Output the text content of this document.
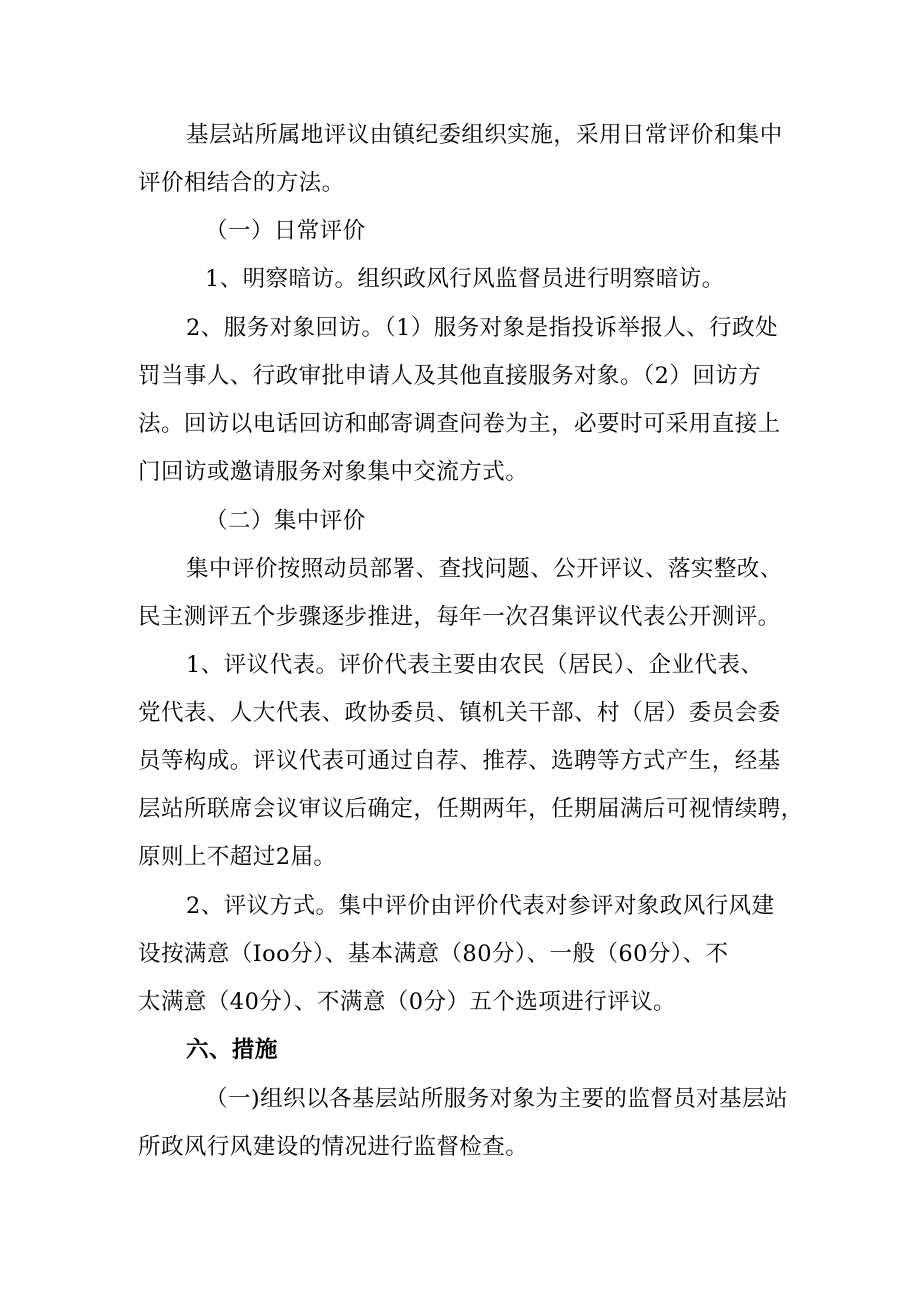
基层站所属地评议由镇纪委组织实施，采用日常评价和集中
评价相结合的方法。
（一）日常评价
1、明察暗访。组织政风行风监督员进行明察暗访。
2、服务对象回访。（1）服务对象是指投诉举报人、行政处
罚当事人、行政审批申请人及其他直接服务对象。（2）回访方
法。回访以电话回访和邮寄调查问卷为主，必要时可采用直接上
门回访或邀请服务对象集中交流方式。
（二）集中评价
集中评价按照动员部署、查找问题、公开评议、落实整改、
民主测评五个步骤逐步推进，每年一次召集评议代表公开测评。
1、评议代表。评价代表主要由农民（居民）、企业代表、
党代表、人大代表、政协委员、镇机关干部、村（居）委员会委
员等构成。评议代表可通过自荐、推荐、选聘等方式产生，经基
层站所联席会议审议后确定，任期两年，任期届满后可视情续聘，
原则上不超过2届。
2、评议方式。集中评价由评价代表对参评对象政风行风建
设按满意（Ioo分）、基本满意（80分）、一般（60分）、不
太满意（40分）、不满意（0分）五个选项进行评议。
六、措施
（一)组织以各基层站所服务对象为主要的监督员对基层站
所政风行风建设的情况进行监督检查。
